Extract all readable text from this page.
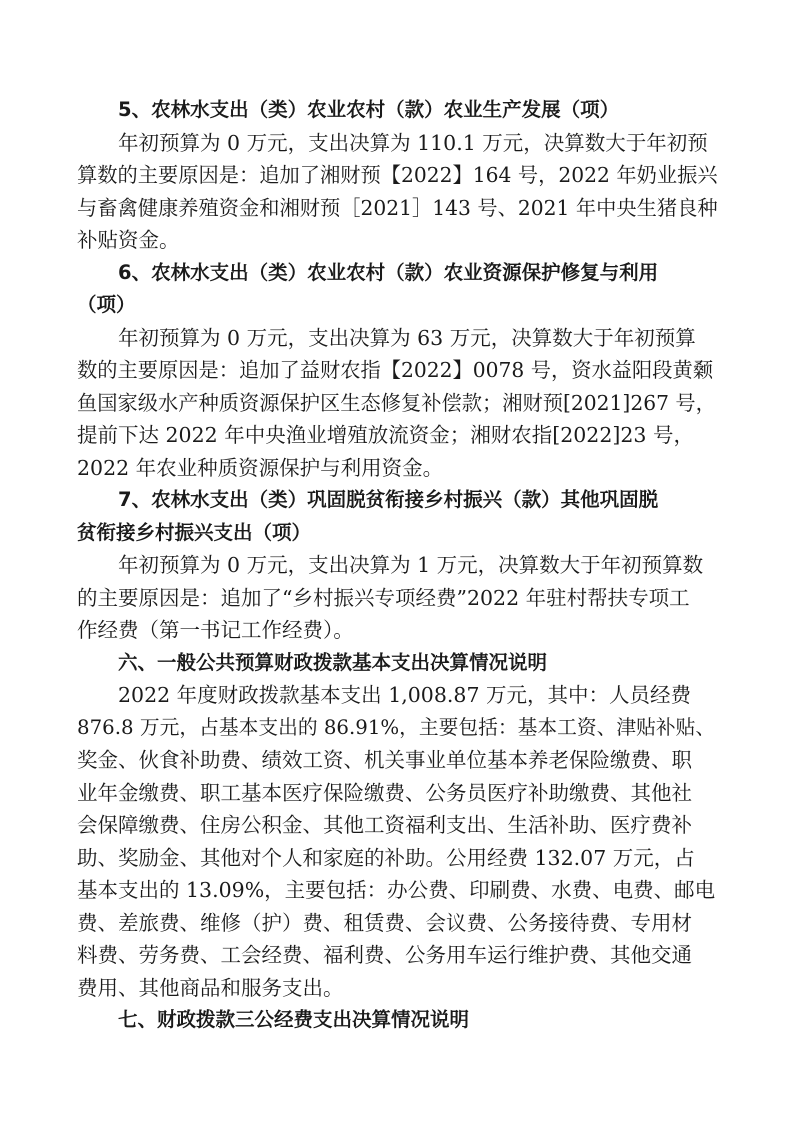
5、农林水支出（类）农业农村（款）农业生产发展（项）
年初预算为 0 万元，支出决算为 110.1 万元，决算数大于年初预
算数的主要原因是：追加了湘财预【2022】164 号，2022 年奶业振兴
与畜禽健康养殖资金和湘财预［2021］143 号、2021 年中央生猪良种
补贴资金。
6、农林水支出（类）农业农村（款）农业资源保护修复与利用
（项）
年初预算为 0 万元，支出决算为 63 万元，决算数大于年初预算
数的主要原因是：追加了益财农指【2022】0078 号，资水益阳段黄颡
鱼国家级水产种质资源保护区生态修复补偿款；湘财预[2021]267 号，
提前下达 2022 年中央渔业增殖放流资金；湘财农指[2022]23 号，
2022 年农业种质资源保护与利用资金。
7、农林水支出（类）巩固脱贫衔接乡村振兴（款）其他巩固脱
贫衔接乡村振兴支出（项）
年初预算为 0 万元，支出决算为 1 万元，决算数大于年初预算数
的主要原因是：追加了“乡村振兴专项经费”2022 年驻村帮扶专项工
作经费（第一书记工作经费）。
六、一般公共预算财政拨款基本支出决算情况说明
2022 年度财政拨款基本支出 1,008.87 万元，其中：人员经费
876.8 万元，占基本支出的 86.91%，主要包括：基本工资、津贴补贴、
奖金、伙食补助费、绩效工资、机关事业单位基本养老保险缴费、职
业年金缴费、职工基本医疗保险缴费、公务员医疗补助缴费、其他社
会保障缴费、住房公积金、其他工资福利支出、生活补助、医疗费补
助、奖励金、其他对个人和家庭的补助。公用经费 132.07 万元，占
基本支出的 13.09%，主要包括：办公费、印刷费、水费、电费、邮电
费、差旅费、维修（护）费、租赁费、会议费、公务接待费、专用材
料费、劳务费、工会经费、福利费、公务用车运行维护费、其他交通
费用、其他商品和服务支出。
七、财政拨款三公经费支出决算情况说明
